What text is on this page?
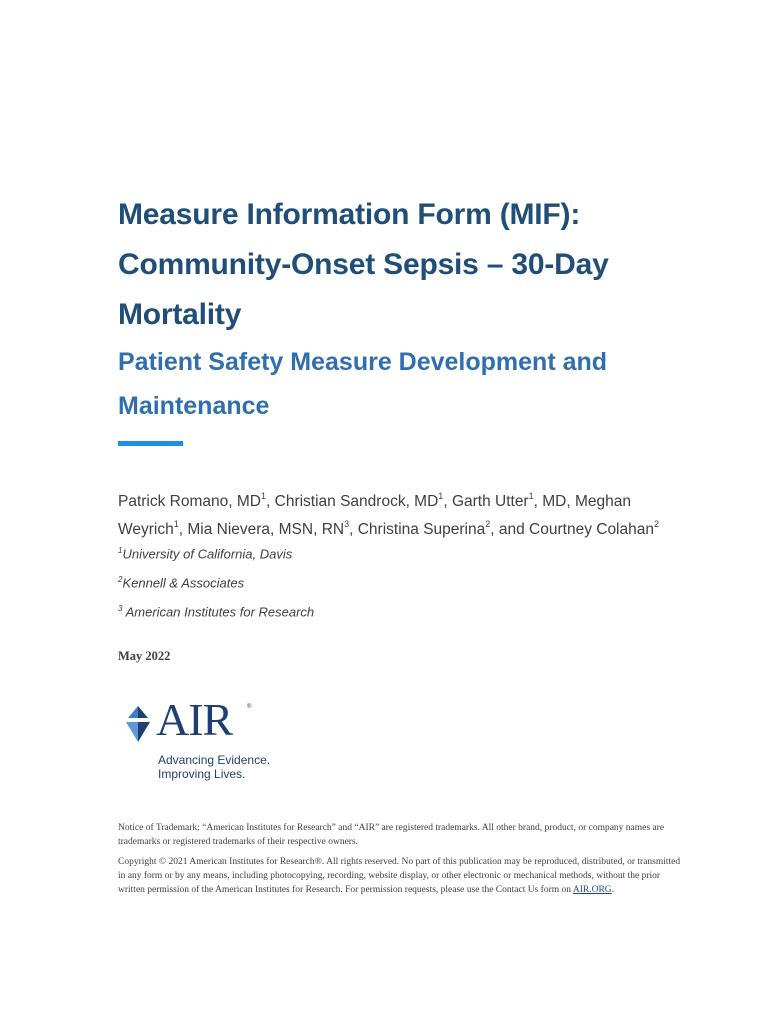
Measure Information Form (MIF):
Community-Onset Sepsis – 30-Day
Mortality
Patient Safety Measure Development and
Maintenance

Patrick Romano, $MD^1$, Christian Sandrock, $MD^1$, Garth Utter$^1$, MD, Meghan
Weyrich$^1$, Mia Nievera, MSN, $RN^3$, Christina Superina$^2$, and Courtney Colahan$^2$

$^1$University of California, Davis

$^2$Kennell & Associates

$^3$ American Institutes for Research

May 2022

AIR ®

Advancing Evidence.
Improving Lives.

Notice of Trademark: “American Institutes for Research” and “AIR” are registered trademarks. All other brand, product, or company names are trademarks or registered trademarks of their respective owners.

Copyright © 2021 American Institutes for Research®. All rights reserved. No part of this publication may be reproduced, distributed, or transmitted in any form or by any means, including photocopying, recording, website display, or other electronic or mechanical methods, without the prior written permission of the American Institutes for Research. For permission requests, please use the Contact Us form on AIR.ORG.
